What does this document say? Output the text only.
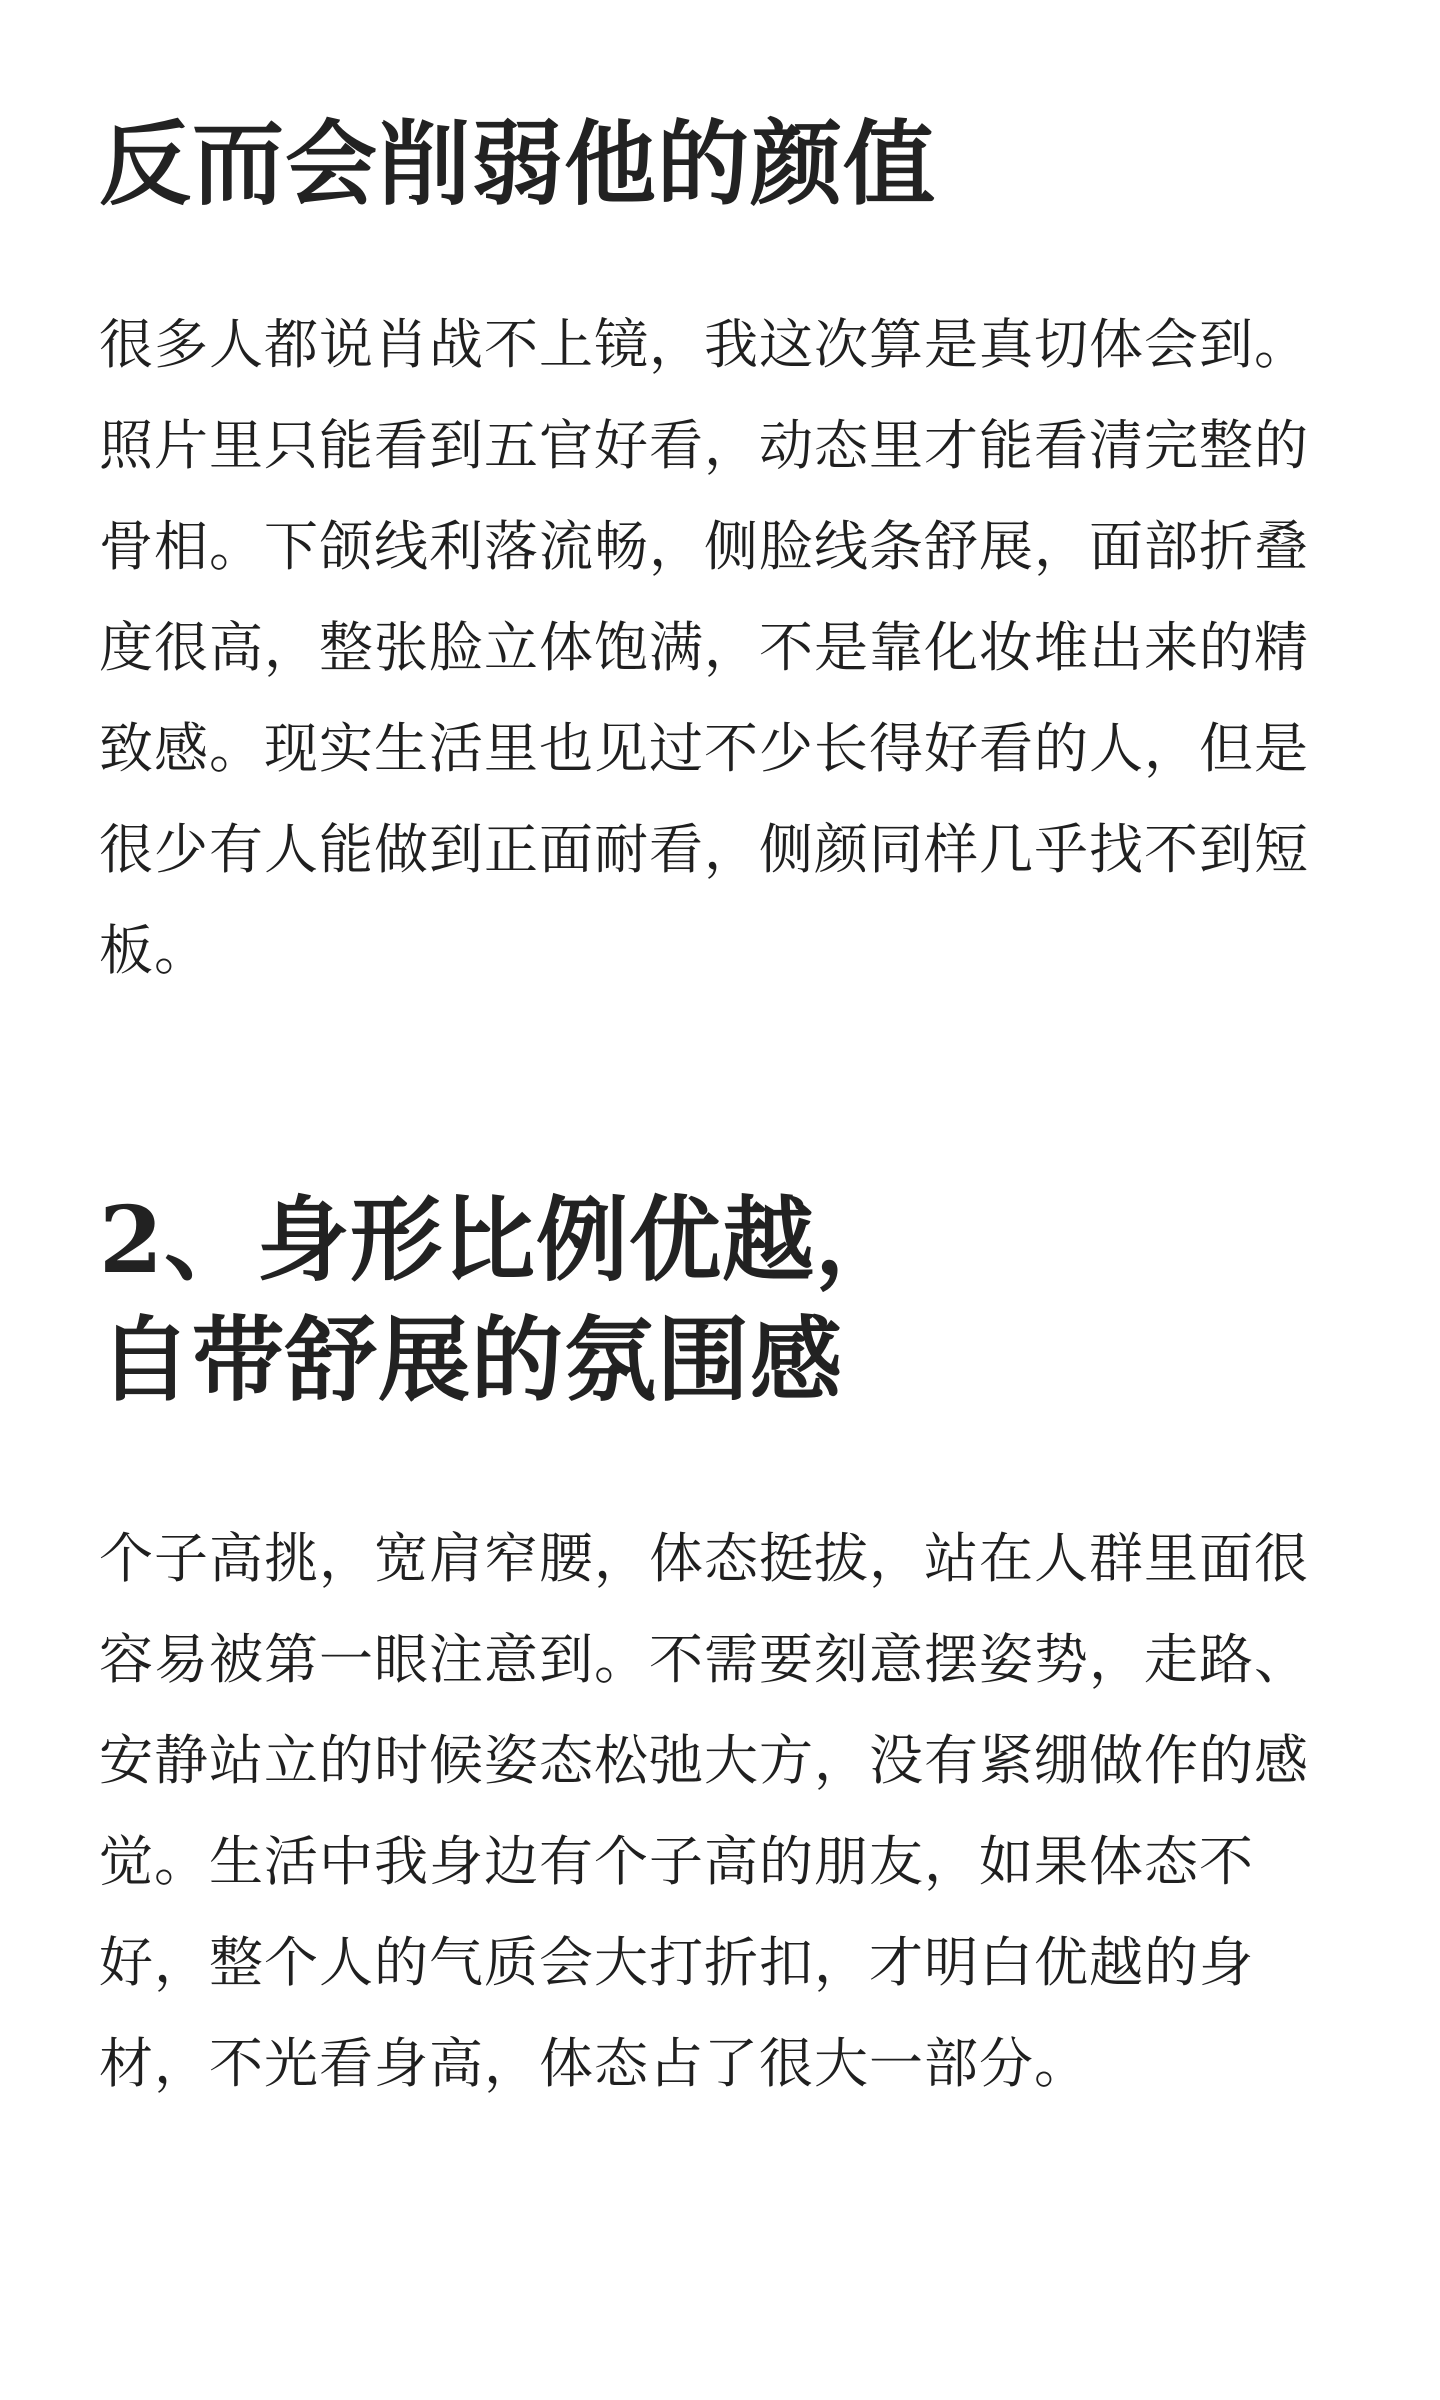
反而会削弱他的颜值

很多人都说肖战不上镜，我这次算是真切体会到。
照片里只能看到五官好看，动态里才能看清完整的
骨相。下颌线利落流畅，侧脸线条舒展，面部折叠
度很高，整张脸立体饱满，不是靠化妆堆出来的精
致感。现实生活里也见过不少长得好看的人，但是
很少有人能做到正面耐看，侧颜同样几乎找不到短
板。

2、身形比例优越，
自带舒展的氛围感

个子高挑，宽肩窄腰，体态挺拔，站在人群里面很
容易被第一眼注意到。不需要刻意摆姿势，走路、
安静站立的时候姿态松弛大方，没有紧绷做作的感
觉。生活中我身边有个子高的朋友，如果体态不
好，整个人的气质会大打折扣，才明白优越的身
材，不光看身高，体态占了很大一部分。
